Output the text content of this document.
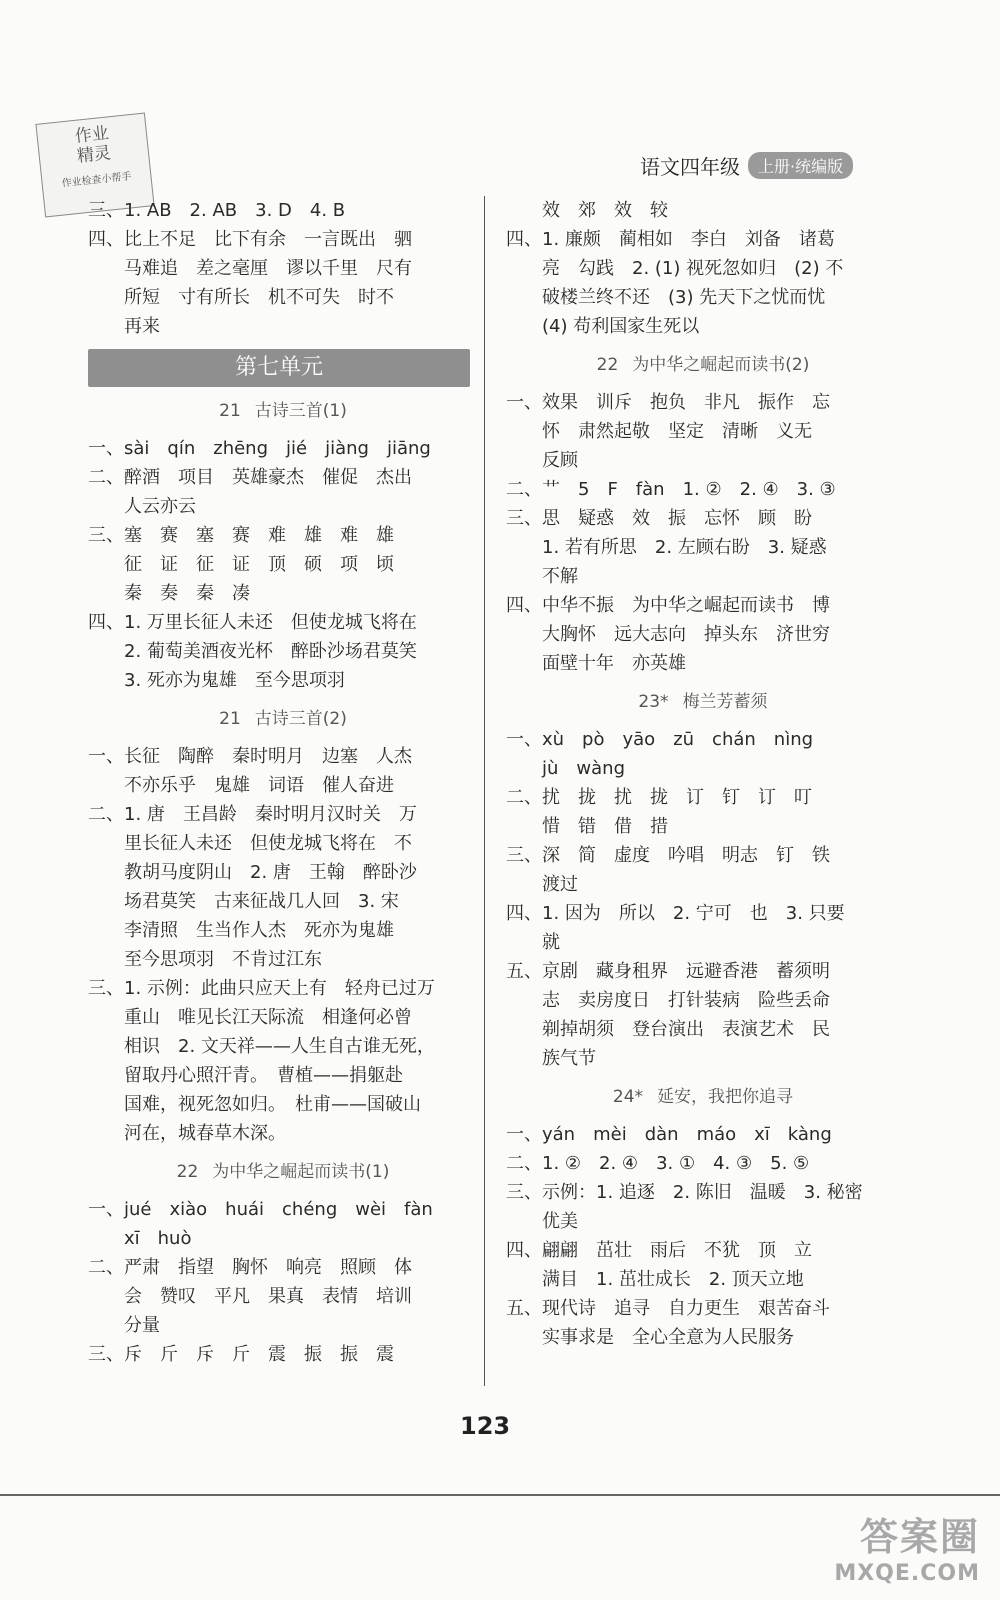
作业
精灵
作业检查小帮手
语文四年级	上册·统编版
三、1. AB　2. AB　3. D　4. B
四、比上不足　比下有余　一言既出　驷
　　马难追　差之毫厘　谬以千里　尺有
　　所短　寸有所长　机不可失　时不
　　再来
第七单元
21 古诗三首(1)
一、sài　qín　zhēng　jié　jiàng　jiāng
二、醉酒　项目　英雄豪杰　催促　杰出
　　人云亦云
三、塞　赛　塞　赛　难　雄　难　雄
　　征　证　征　证　顶　硕　项　顷
　　秦　奏　秦　凑
四、1. 万里长征人未还　但使龙城飞将在
　　2. 葡萄美酒夜光杯　醉卧沙场君莫笑
　　3. 死亦为鬼雄　至今思项羽
21 古诗三首(2)
一、长征　陶醉　秦时明月　边塞　人杰
　　不亦乐乎　鬼雄　词语　催人奋进
二、1. 唐　王昌龄　秦时明月汉时关　万
　　里长征人未还　但使龙城飞将在　不
　　教胡马度阴山　2. 唐　王翰　醉卧沙
　　场君莫笑　古来征战几人回　3. 宋
　　李清照　生当作人杰　死亦为鬼雄
　　至今思项羽　不肯过江东
三、1. 示例：此曲只应天上有　轻舟已过万
　　重山　唯见长江天际流　相逢何必曾
　　相识　2. 文天祥——人生自古谁无死，
　　留取丹心照汗青。　曹植——捐躯赴
　　国难，视死忽如归。　杜甫——国破山
　　河在，城春草木深。
22 为中华之崛起而读书(1)
一、jué　xiào　huái　chéng　wèi　fàn
　　xī　huò
二、严肃　指望　胸怀　响亮　照顾　体
　　会　赞叹　平凡　果真　表情　培训
　　分量
三、斥　斤　斥　斤　震　振　振　震
　　效　郊　效　较
四、1. 廉颇　蔺相如　李白　刘备　诸葛
　　亮　勾践　2. (1) 视死忽如归　(2) 不
　　破楼兰终不还　(3) 先天下之忧而忧
　　(4) 苟利国家生死以
22 为中华之崛起而读书(2)
一、效果　训斥　抱负　非凡　振作　忘
　　怀　肃然起敬　坚定　清晰　义无
　　反顾
二、艹　5　F　fàn　1. ②　2. ④　3. ③
三、思　疑惑　效　振　忘怀　顾　盼
　　1. 若有所思　2. 左顾右盼　3. 疑惑
　　不解
四、中华不振　为中华之崛起而读书　博
　　大胸怀　远大志向　掉头东　济世穷
　　面壁十年　亦英雄
23* 梅兰芳蓄须
一、xù　pò　yāo　zū　chán　nìng
　　jù　wàng
二、扰　拢　扰　拢　订　钉　订　叮
　　惜　错　借　措
三、深　简　虚度　吟唱　明志　钉　铁
　　渡过
四、1. 因为　所以　2. 宁可　也　3. 只要
　　就
五、京剧　藏身租界　远避香港　蓄须明
　　志　卖房度日　打针装病　险些丢命
　　剃掉胡须　登台演出　表演艺术　民
　　族气节
24* 延安，我把你追寻
一、yán　mèi　dàn　máo　xī　kàng
二、1. ②　2. ④　3. ①　4. ③　5. ⑤
三、示例：1. 追逐　2. 陈旧　温暖　3. 秘密
　　优美
四、翩翩　茁壮　雨后　不犹　顶　立
　　满目　1. 茁壮成长　2. 顶天立地
五、现代诗　追寻　自力更生　艰苦奋斗
　　实事求是　全心全意为人民服务
123
答案圈
MXQE.COM
